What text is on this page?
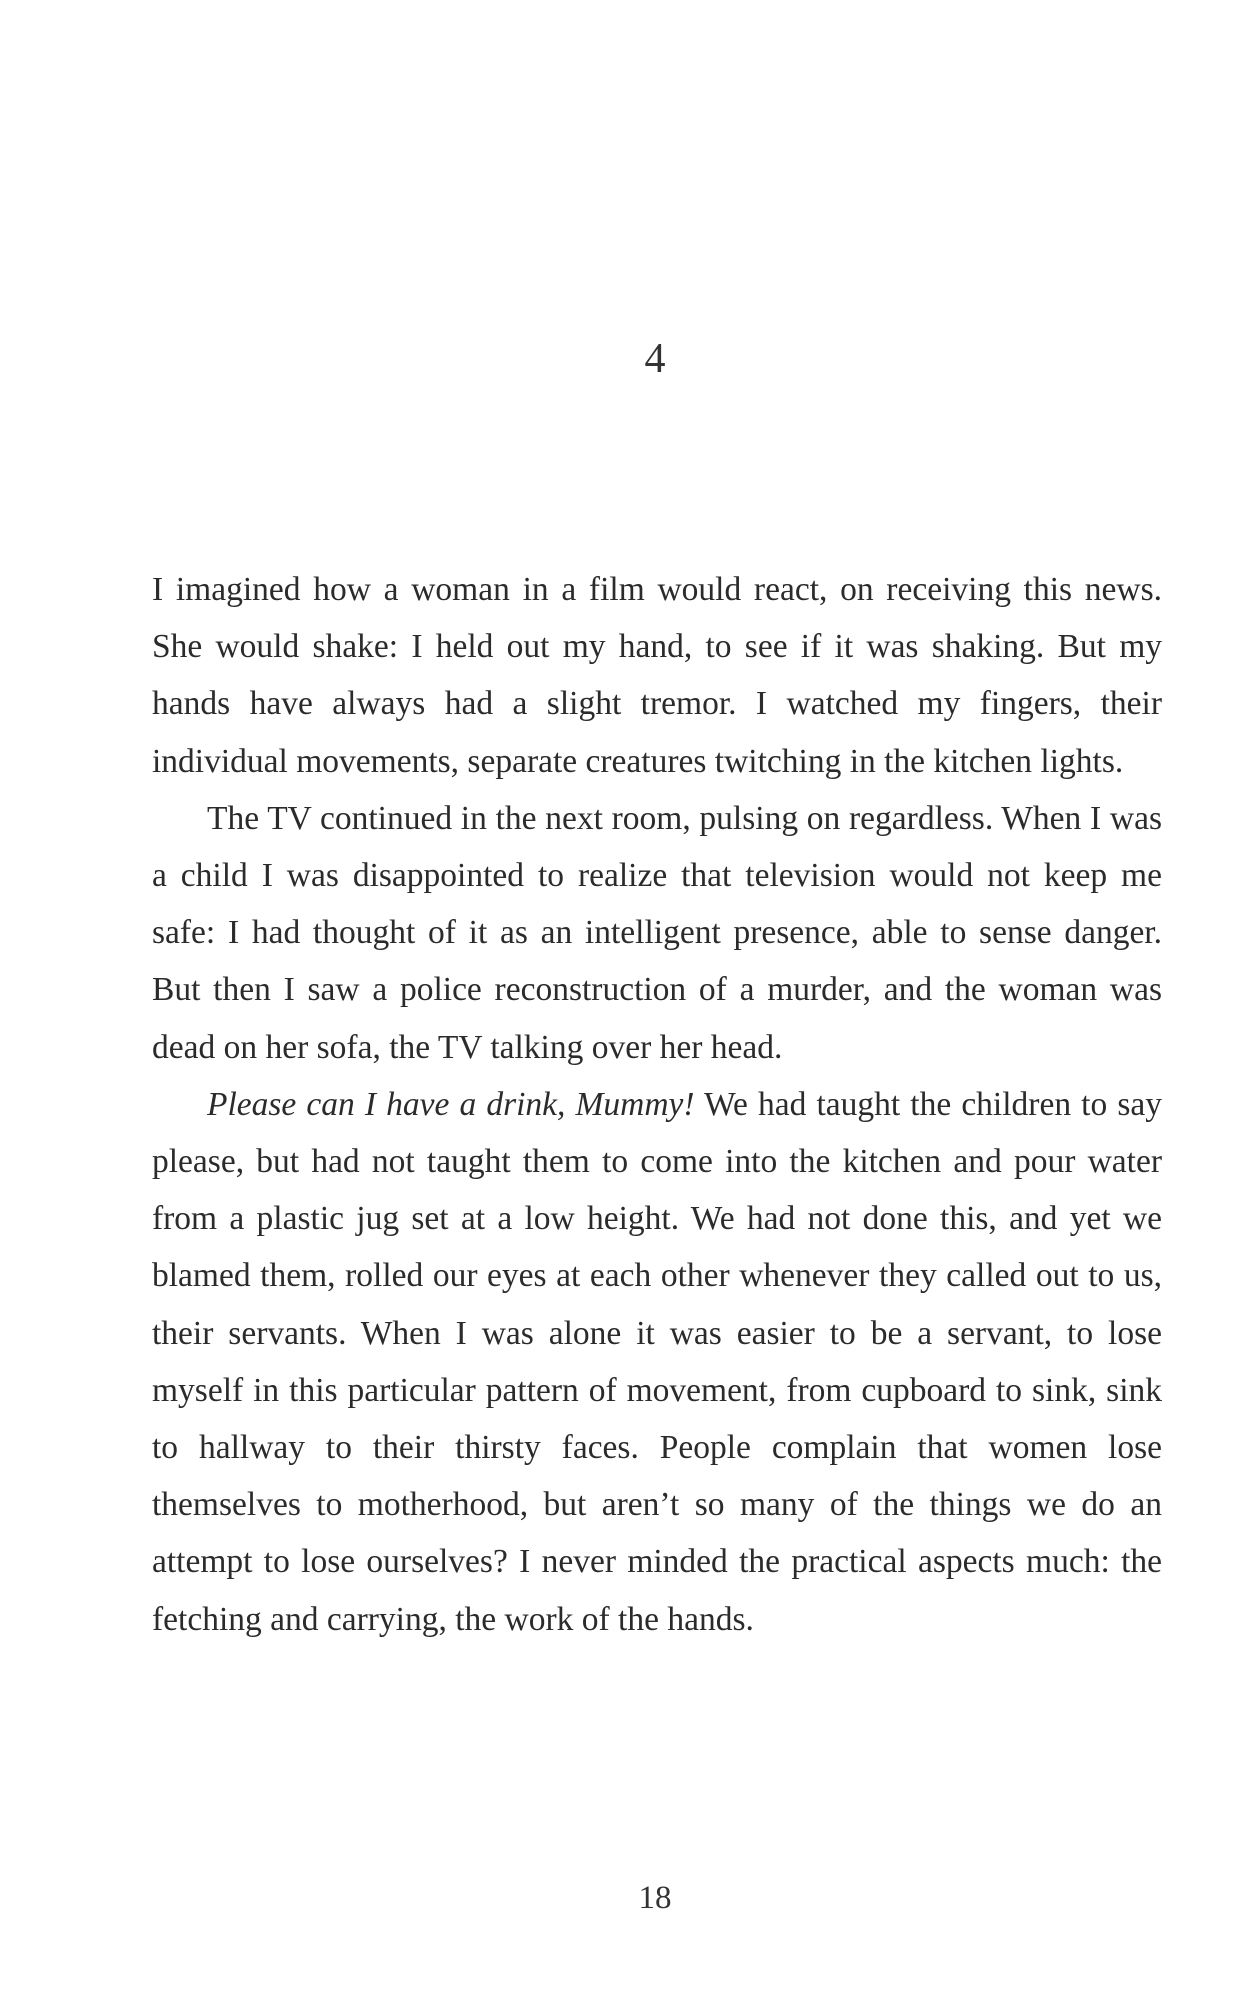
4

I imagined how a woman in a film would react, on receiving this news. She would shake: I held out my hand, to see if it was shaking. But my hands have always had a slight tremor. I watched my fingers, their individual movements, separate creatures twitching in the kitchen lights.

The TV continued in the next room, pulsing on regardless. When I was a child I was disappointed to realize that television would not keep me safe: I had thought of it as an intelligent presence, able to sense danger. But then I saw a police reconstruction of a murder, and the woman was dead on her sofa, the TV talking over her head.

Please can I have a drink, Mummy! We had taught the children to say please, but had not taught them to come into the kitchen and pour water from a plastic jug set at a low height. We had not done this, and yet we blamed them, rolled our eyes at each other whenever they called out to us, their servants. When I was alone it was easier to be a servant, to lose myself in this particular pattern of movement, from cupboard to sink, sink to hallway to their thirsty faces. People complain that women lose themselves to motherhood, but aren’t so many of the things we do an attempt to lose ourselves? I never minded the practical aspects much: the fetching and carrying, the work of the hands.

18
